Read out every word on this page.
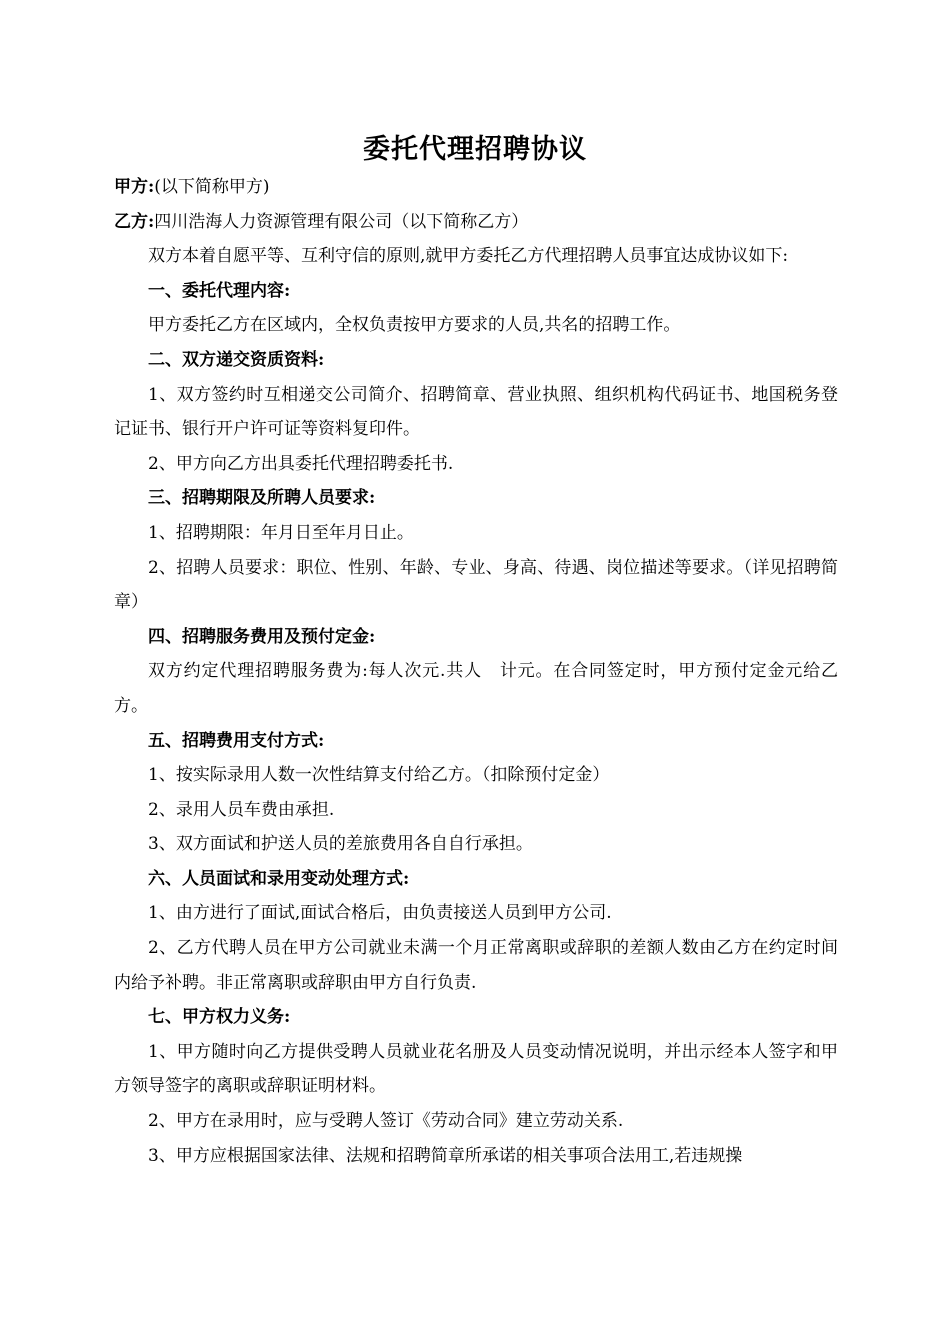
委托代理招聘协议

甲方:(以下简称甲方)

乙方:四川浩海人力资源管理有限公司（以下简称乙方）

双方本着自愿平等、互利守信的原则,就甲方委托乙方代理招聘人员事宜达成协议如下:

一、委托代理内容:

甲方委托乙方在区域内，全权负责按甲方要求的人员,共名的招聘工作。

二、双方递交资质资料:

1、双方签约时互相递交公司简介、招聘简章、营业执照、组织机构代码证书、地国税务登记证书、银行开户许可证等资料复印件。

2、甲方向乙方出具委托代理招聘委托书.

三、招聘期限及所聘人员要求:

1、招聘期限：年月日至年月日止。

2、招聘人员要求：职位、性别、年龄、专业、身高、待遇、岗位描述等要求。（详见招聘简章）

四、招聘服务费用及预付定金:

双方约定代理招聘服务费为:每人次元.共人　计元。在合同签定时，甲方预付定金元给乙方。

五、招聘费用支付方式:

1、按实际录用人数一次性结算支付给乙方。（扣除预付定金）

2、录用人员车费由承担.

3、双方面试和护送人员的差旅费用各自自行承担。

六、人员面试和录用变动处理方式:

1、由方进行了面试,面试合格后，由负责接送人员到甲方公司.

2、乙方代聘人员在甲方公司就业未满一个月正常离职或辞职的差额人数由乙方在约定时间内给予补聘。非正常离职或辞职由甲方自行负责.

七、甲方权力义务:

1、甲方随时向乙方提供受聘人员就业花名册及人员变动情况说明，并出示经本人签字和甲方领导签字的离职或辞职证明材料。

2、甲方在录用时，应与受聘人签订《劳动合同》建立劳动关系.

3、甲方应根据国家法律、法规和招聘简章所承诺的相关事项合法用工,若违规操
